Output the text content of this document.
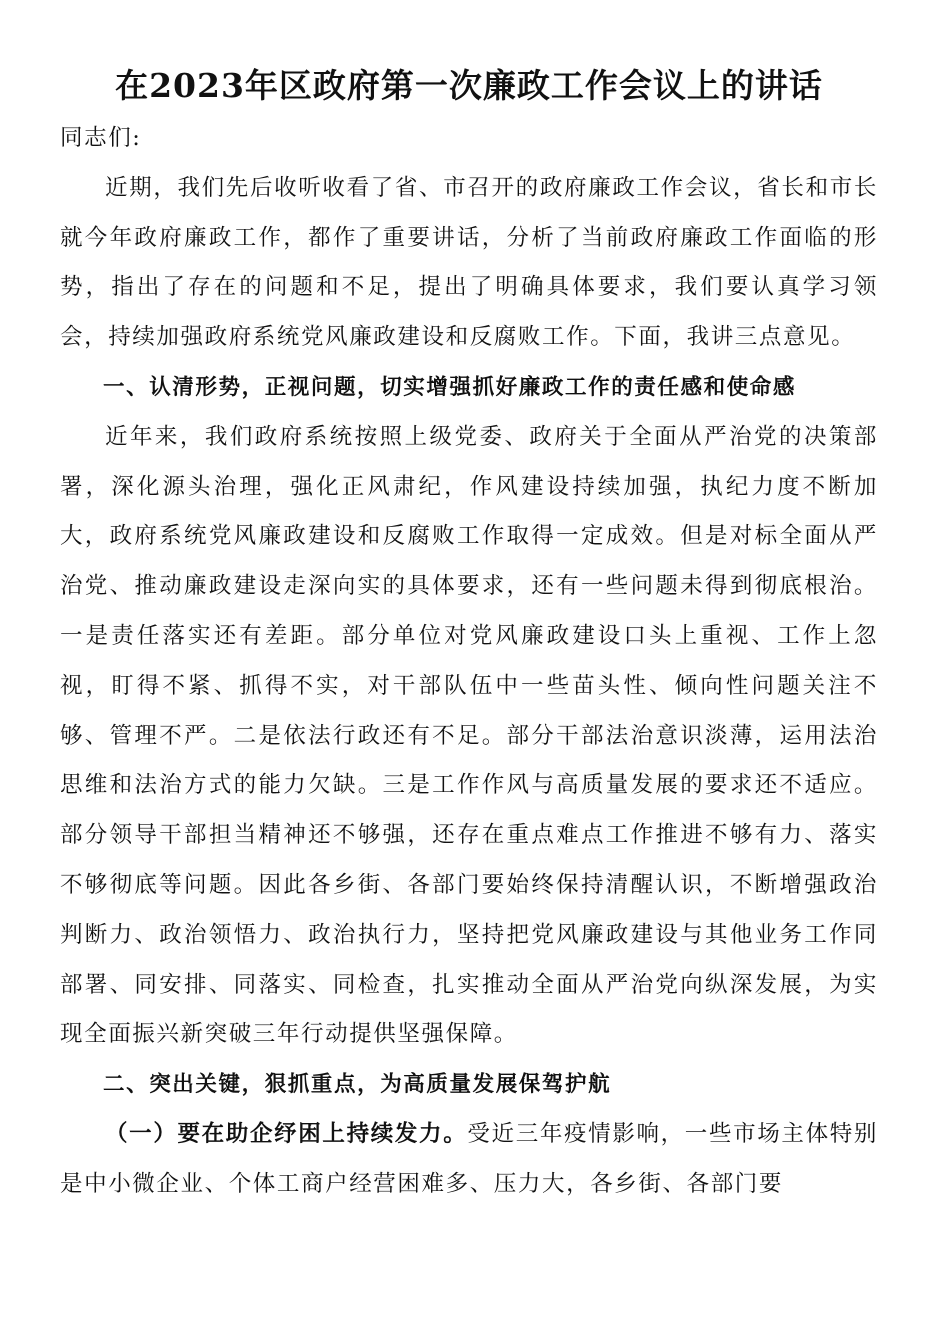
在2023年区政府第一次廉政工作会议上的讲话

同志们:

近期，我们先后收听收看了省、市召开的政府廉政工作会议，省长和市长就今年政府廉政工作，都作了重要讲话，分析了当前政府廉政工作面临的形势，指出了存在的问题和不足，提出了明确具体要求，我们要认真学习领会，持续加强政府系统党风廉政建设和反腐败工作。下面，我讲三点意见。

一、认清形势，正视问题，切实增强抓好廉政工作的责任感和使命感

近年来，我们政府系统按照上级党委、政府关于全面从严治党的决策部署，深化源头治理，强化正风肃纪，作风建设持续加强，执纪力度不断加大，政府系统党风廉政建设和反腐败工作取得一定成效。但是对标全面从严治党、推动廉政建设走深向实的具体要求，还有一些问题未得到彻底根治。一是责任落实还有差距。部分单位对党风廉政建设口头上重视、工作上忽视，盯得不紧、抓得不实，对干部队伍中一些苗头性、倾向性问题关注不够、管理不严。二是依法行政还有不足。部分干部法治意识淡薄，运用法治思维和法治方式的能力欠缺。三是工作作风与高质量发展的要求还不适应。部分领导干部担当精神还不够强，还存在重点难点工作推进不够有力、落实不够彻底等问题。因此各乡街、各部门要始终保持清醒认识，不断增强政治判断力、政治领悟力、政治执行力，坚持把党风廉政建设与其他业务工作同部署、同安排、同落实、同检查，扎实推动全面从严治党向纵深发展，为实现全面振兴新突破三年行动提供坚强保障。

二、突出关键，狠抓重点，为高质量发展保驾护航

（一）要在助企纾困上持续发力。受近三年疫情影响，一些市场主体特别是中小微企业、个体工商户经营困难多、压力大，各乡街、各部门要
